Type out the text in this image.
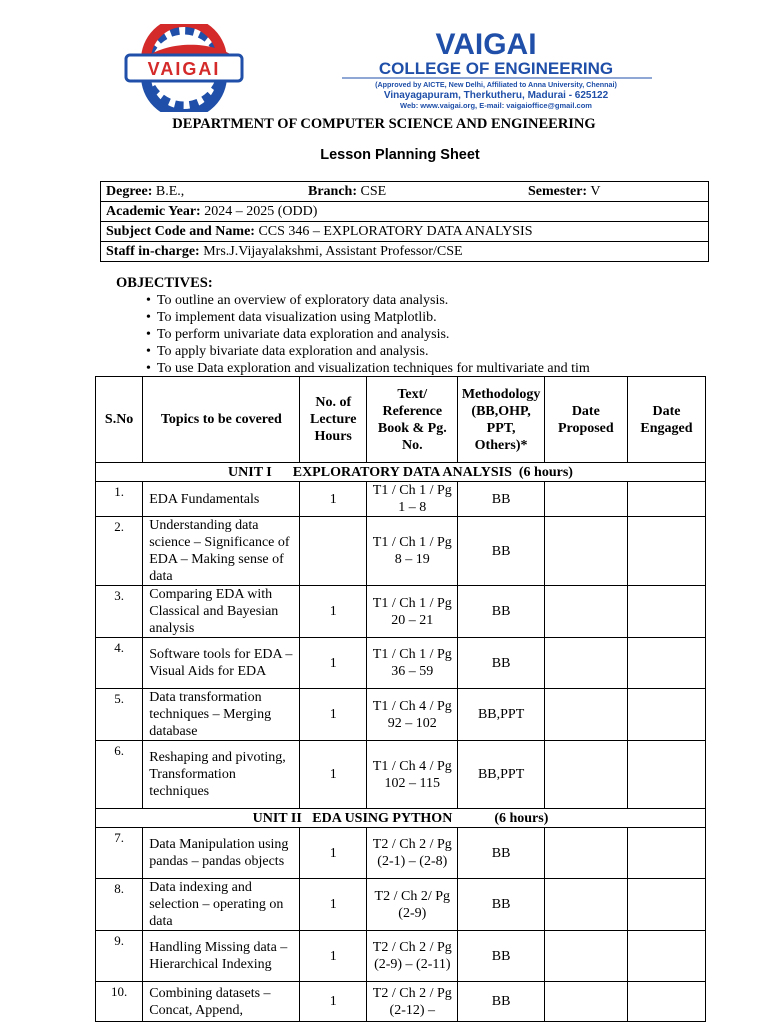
VAIGAI
VAIGAI
COLLEGE OF ENGINEERING
(Approved by AICTE, New Delhi, Affiliated to Anna University, Chennai)
Vinayagapuram, Therkutheru, Madurai - 625122
Web: www.vaigai.org, E-mail: vaigaioffice@gmail.com
DEPARTMENT OF COMPUTER SCIENCE AND ENGINEERING
Lesson Planning Sheet
Degree: B.E.,	Branch: CSE	Semester: V

Academic Year: 2024 – 2025 (ODD)
Subject Code and Name: CCS 346 – EXPLORATORY DATA ANALYSIS
Staff in-charge: Mrs.J.Vijayalakshmi, Assistant Professor/CSE
OBJECTIVES:
• To outline an overview of exploratory data analysis.
• To implement data visualization using Matplotlib.
• To perform univariate data exploration and analysis.
• To apply bivariate data exploration and analysis.
• To use Data exploration and visualization techniques for multivariate and tim
S.No	Topics to be covered	No. of Lecture Hours	Text/ Reference Book & Pg. No.	Methodology (BB,OHP, PPT, Others)*	Date Proposed	Date Engaged
UNIT I EXPLORATORY DATA ANALYSIS (6 hours)						
1.	EDA Fundamentals	1	T1 / Ch 1 / Pg 1 – 8	BB		
2.	Understanding data science – Significance of EDA – Making sense of data		T1 / Ch 1 / Pg 8 – 19	BB		
3.	Comparing EDA with Classical and Bayesian analysis	1	T1 / Ch 1 / Pg 20 – 21	BB		
4.	Software tools for EDA – Visual Aids for EDA	1	T1 / Ch 1 / Pg 36 – 59	BB		
5.	Data transformation techniques – Merging database	1	T1 / Ch 4 / Pg 92 – 102	BB,PPT		
6.	Reshaping and pivoting, Transformation techniques	1	T1 / Ch 4 / Pg 102 – 115	BB,PPT		
UNIT II EDA USING PYTHON (6 hours)						
7.	Data Manipulation using pandas – pandas objects	1	T2 / Ch 2 / Pg (2-1) – (2-8)	BB		
8.	Data indexing and selection – operating on data	1	T2 / Ch 2/ Pg (2-9)	BB		
9.	Handling Missing data – Hierarchical Indexing	1	T2 / Ch 2 / Pg (2-9) – (2-11)	BB		
10.	Combining datasets – Concat, Append,	1	T2 / Ch 2 / Pg (2-12) –	BB		
